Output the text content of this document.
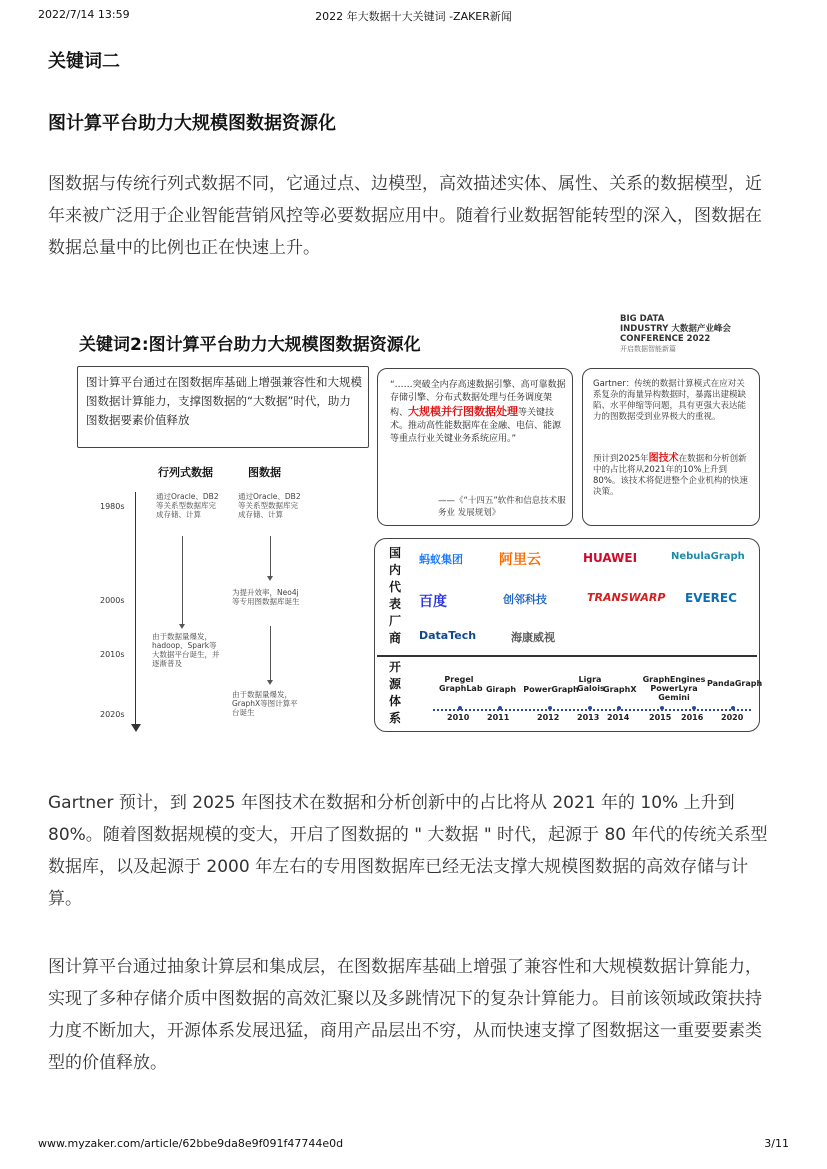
2022/7/14 13:59	2022 年大数据十大关键词 -ZAKER新闻
关键词二
图计算平台助力大规模图数据资源化

图数据与传统行列式数据不同，它通过点、边模型，高效描述实体、属性、关系的数据模型，近年来被广泛用于企业智能营销风控等必要数据应用中。随着行业数据智能转型的深入，图数据在数据总量中的比例也正在快速上升。

关键词2:图计算平台助力大规模图数据资源化
BIG DATA
INDUSTRY 大数据产业峰会
CONFERENCE 2022
开启数据智能新篇
图计算平台通过在图数据库基础上增强兼容性和大规模图数据计算能力，支撑图数据的“大数据”时代，助力图数据要素价值释放
行列式数据	图数据
1980s
2000s
2010s
2020s
通过Oracle、DB2等关系型数据库完成存储、计算
通过Oracle、DB2等关系型数据库完成存储、计算
为提升效率，Neo4j等专用图数据库诞生
由于数据量爆发，hadoop、Spark等大数据平台诞生，并逐渐普及
由于数据量爆发，GraphX等图计算平台诞生
“……突破全内存高速数据引擎、高可靠数据存储引擎、分布式数据处理与任务调度架构、大规模并行图数据处理等关键技术。推动高性能数据库在金融、电信、能源等重点行业关键业务系统应用。”
——《“十四五”软件和信息技术服务业 发展规划》
Gartner：传统的数据计算模式在应对关系复杂的海量异构数据时，暴露出建模缺陷、水平伸缩等问题，具有更强大表达能力的图数据受到业界极大的重视。
预计到2025年图技术在数据和分析创新中的占比将从2021年的10%上升到80%。该技术将促进整个企业机构的快速决策。
国内代表厂商
开源体系
蚂蚁集团	阿里云	HUAWEI	NebulaGraph
百度	创邻科技	TRANSWARP EVEREC
DataTech	海康威视
Pregel GraphLab Giraph PowerGraph
Ligra Galois
GraphX
GraphEngines PowerLyra Gemini
PandaGraph
2010 2011	2012 2013 2014 2015 2016 2020

Gartner 预计，到 2025 年图技术在数据和分析创新中的占比将从 2021 年的 10% 上升到 80%。随着图数据规模的变大，开启了图数据的 " 大数据 " 时代，起源于 80 年代的传统关系型数据库，以及起源于 2000 年左右的专用图数据库已经无法支撑大规模图数据的高效存储与计算。

图计算平台通过抽象计算层和集成层，在图数据库基础上增强了兼容性和大规模数据计算能力，实现了多种存储介质中图数据的高效汇聚以及多跳情况下的复杂计算能力。目前该领域政策扶持力度不断加大，开源体系发展迅猛，商用产品层出不穷，从而快速支撑了图数据这一重要要素类型的价值释放。

www.myzaker.com/article/62bbe9da8e9f091f47744e0d	3/11
